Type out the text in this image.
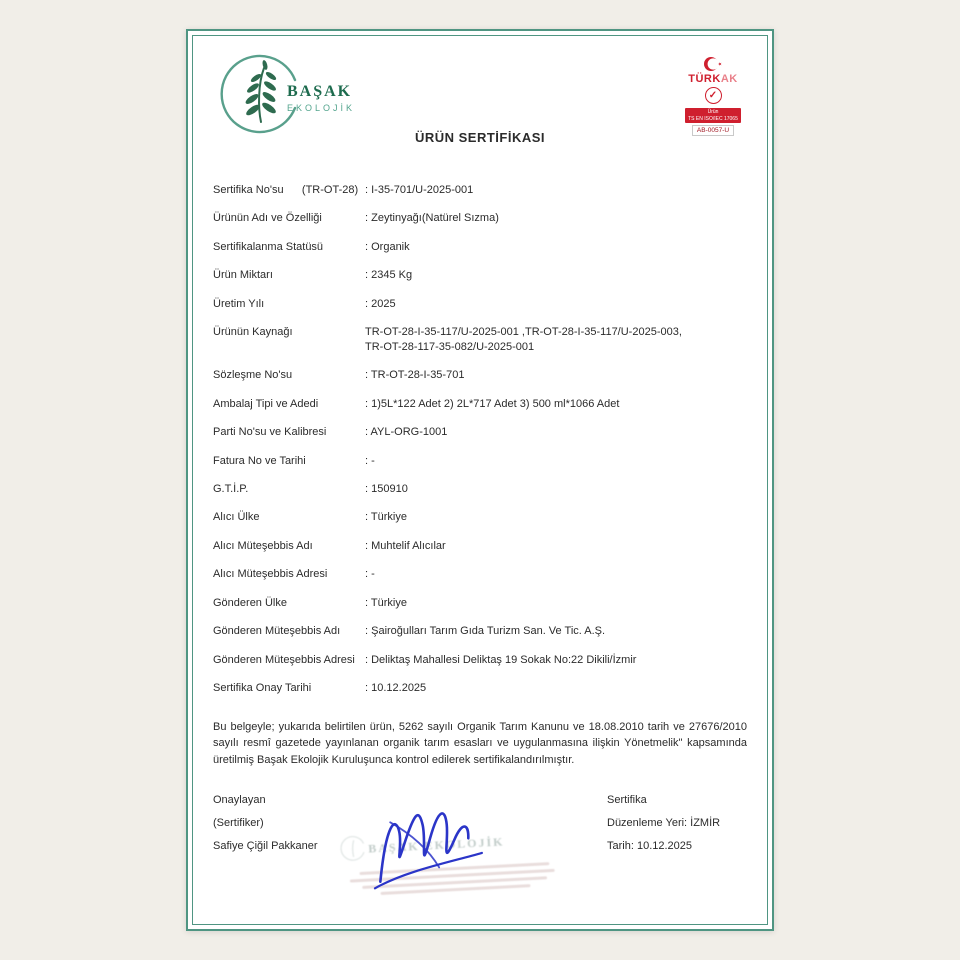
BAŞAK
EKOLOJİK
ÜRÜN SERTİFİKASI
TÜRKAK
✓
Ürün
TS EN ISO/IEC 17065
AB-0057-U
Sertifika No'su      (TR-OT-28) : I-35-701/U-2025-001
Ürünün Adı ve Özelliği	: Zeytinyağı(Natürel Sızma)
Sertifikalanma Statüsü	: Organik
Ürün Miktarı	: 2345 Kg
Üretim Yılı	: 2025
Ürünün Kaynağı	TR-OT-28-I-35-117/U-2025-001 ,TR-OT-28-I-35-117/U-2025-003,
TR-OT-28-117-35-082/U-2025-001
Sözleşme No'su	: TR-OT-28-I-35-701
Ambalaj Tipi ve Adedi	: 1)5L*122 Adet 2) 2L*717 Adet 3) 500 ml*1066 Adet
Parti No'su ve Kalibresi	: AYL-ORG-1001
Fatura No ve Tarihi	: -
G.T.İ.P.	: 150910
Alıcı Ülke	: Türkiye
Alıcı Müteşebbis Adı	: Muhtelif Alıcılar
Alıcı Müteşebbis Adresi	: -
Gönderen Ülke	: Türkiye
Gönderen Müteşebbis Adı	: Şairoğulları Tarım Gıda Turizm San. Ve Tic. A.Ş.
Gönderen Müteşebbis Adresi : Deliktaş Mahallesi Deliktaş 19 Sokak No:22 Dikili/İzmir
Sertifika Onay Tarihi	: 10.12.2025
Bu belgeyle; yukarıda belirtilen ürün, 5262 sayılı Organik Tarım Kanunu ve 18.08.2010 tarih ve 27676/2010 sayılı resmî gazetede yayınlanan organik tarım esasları ve uygulanmasına ilişkin Yönetmelik" kapsamında üretilmiş Başak Ekolojik Kuruluşunca kontrol edilerek sertifikalandırılmıştır.
Onaylayan
(Sertifiker)
Safiye Çiğil Pakkaner	BAŞAK EKOLOJİK
Sertifika
Düzenleme Yeri: İZMİR
Tarih: 10.12.2025
